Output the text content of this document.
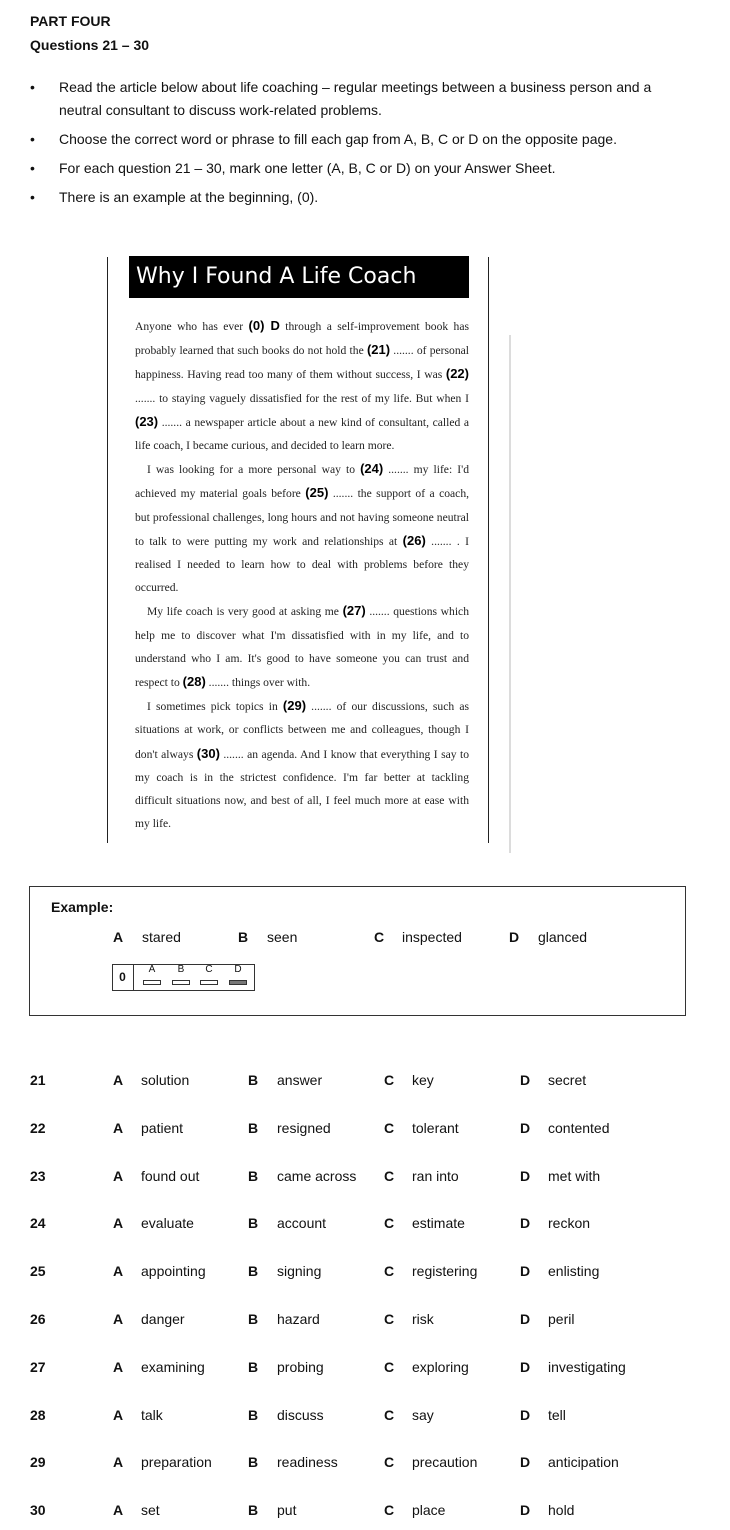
PART FOUR
Questions 21 – 30
• Read the article below about life coaching – regular meetings between a business person and a neutral consultant to discuss work-related problems.
• Choose the correct word or phrase to fill each gap from A, B, C or D on the opposite page.
• For each question 21 – 30, mark one letter (A, B, C or D) on your Answer Sheet.
• There is an example at the beginning, (0).
Why I Found A Life Coach

Anyone who has ever (0) D through a self-improvement book has probably learned that such books do not hold the (21) ....... of personal happiness. Having read too many of them without success, I was (22) ....... to staying vaguely dissatisfied for the rest of my life. But when I (23) ....... a newspaper article about a new kind of consultant, called a life coach, I became curious, and decided to learn more.

I was looking for a more personal way to (24) ....... my life: I'd achieved my material goals before (25) ....... the support of a coach, but professional challenges, long hours and not having someone neutral to talk to were putting my work and relationships at (26) ....... . I realised I needed to learn how to deal with problems before they occurred.

My life coach is very good at asking me (27) ....... questions which help me to discover what I'm dissatisfied with in my life, and to understand who I am. It's good to have someone you can trust and respect to (28) ....... things over with.

I sometimes pick topics in (29) ....... of our discussions, such as situations at work, or conflicts between me and colleagues, though I don't always (30) ....... an agenda. And I know that everything I say to my coach is in the strictest confidence. I'm far better at tackling difficult situations now, and best of all, I feel much more at ease with my life.

Example:
A stared	B seen	C inspected	D glanced
0
A	B	C	D
21	A solution	B answer	C key	D secret
22	A patient	B resigned	C tolerant	D contented
23	A found out	B came across C ran into	D met with
24	A evaluate	B account	C estimate	D reckon
25	A appointing	B signing	C registering	D enlisting
26	A danger	B hazard	C risk	D peril
27	A examining	B probing	C exploring	D investigating
28	A talk	B discuss	C say	D tell
29	A preparation	B readiness	C precaution	D anticipation
30	A set	B put	C place	D hold
